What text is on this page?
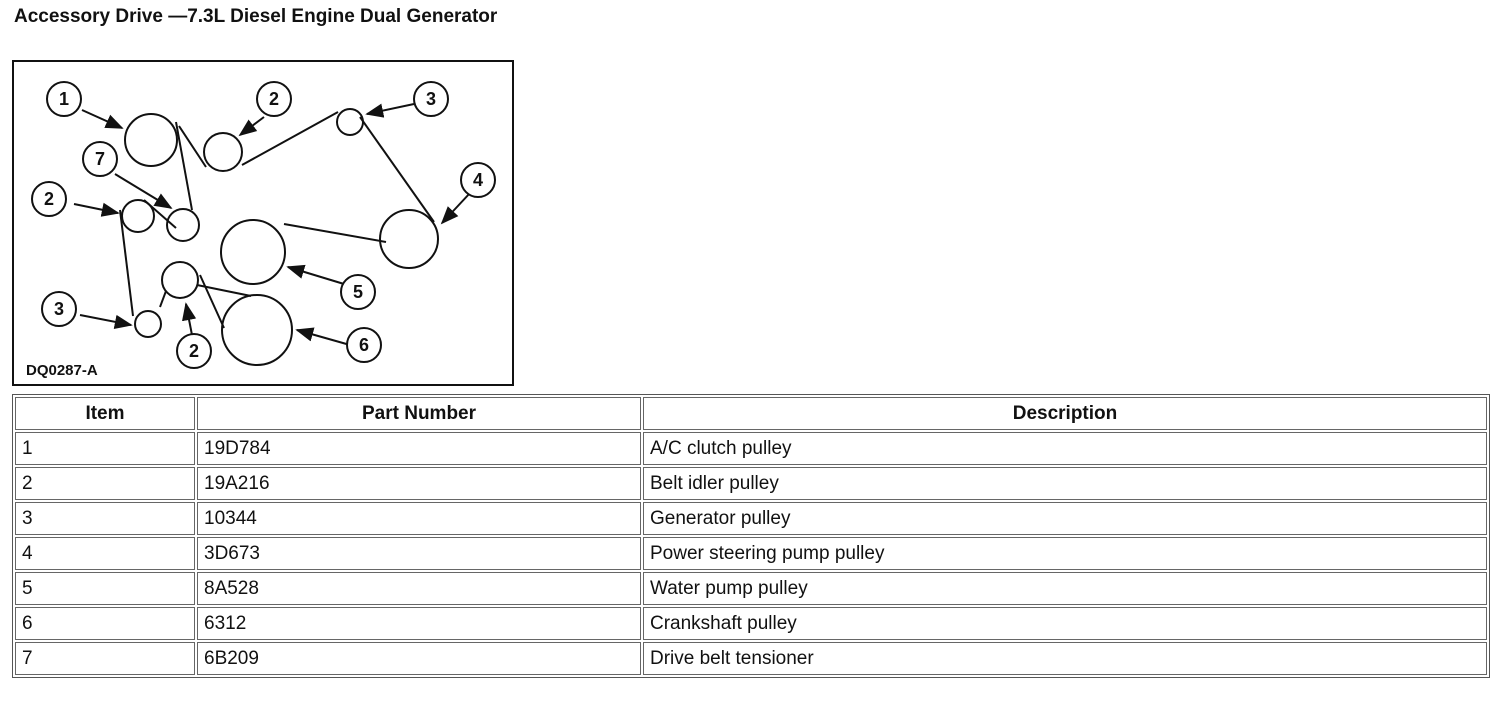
Accessory Drive —7.3L Diesel Engine Dual Generator
1	2	3
4
5
6
7
2
3
2
DQ0287-A
Item	Part Number	Description
1	19D784	A/C clutch pulley
2	19A216	Belt idler pulley
3	10344	Generator pulley
4	3D673	Power steering pump pulley
5	8A528	Water pump pulley
6	6312	Crankshaft pulley
7	6B209	Drive belt tensioner
